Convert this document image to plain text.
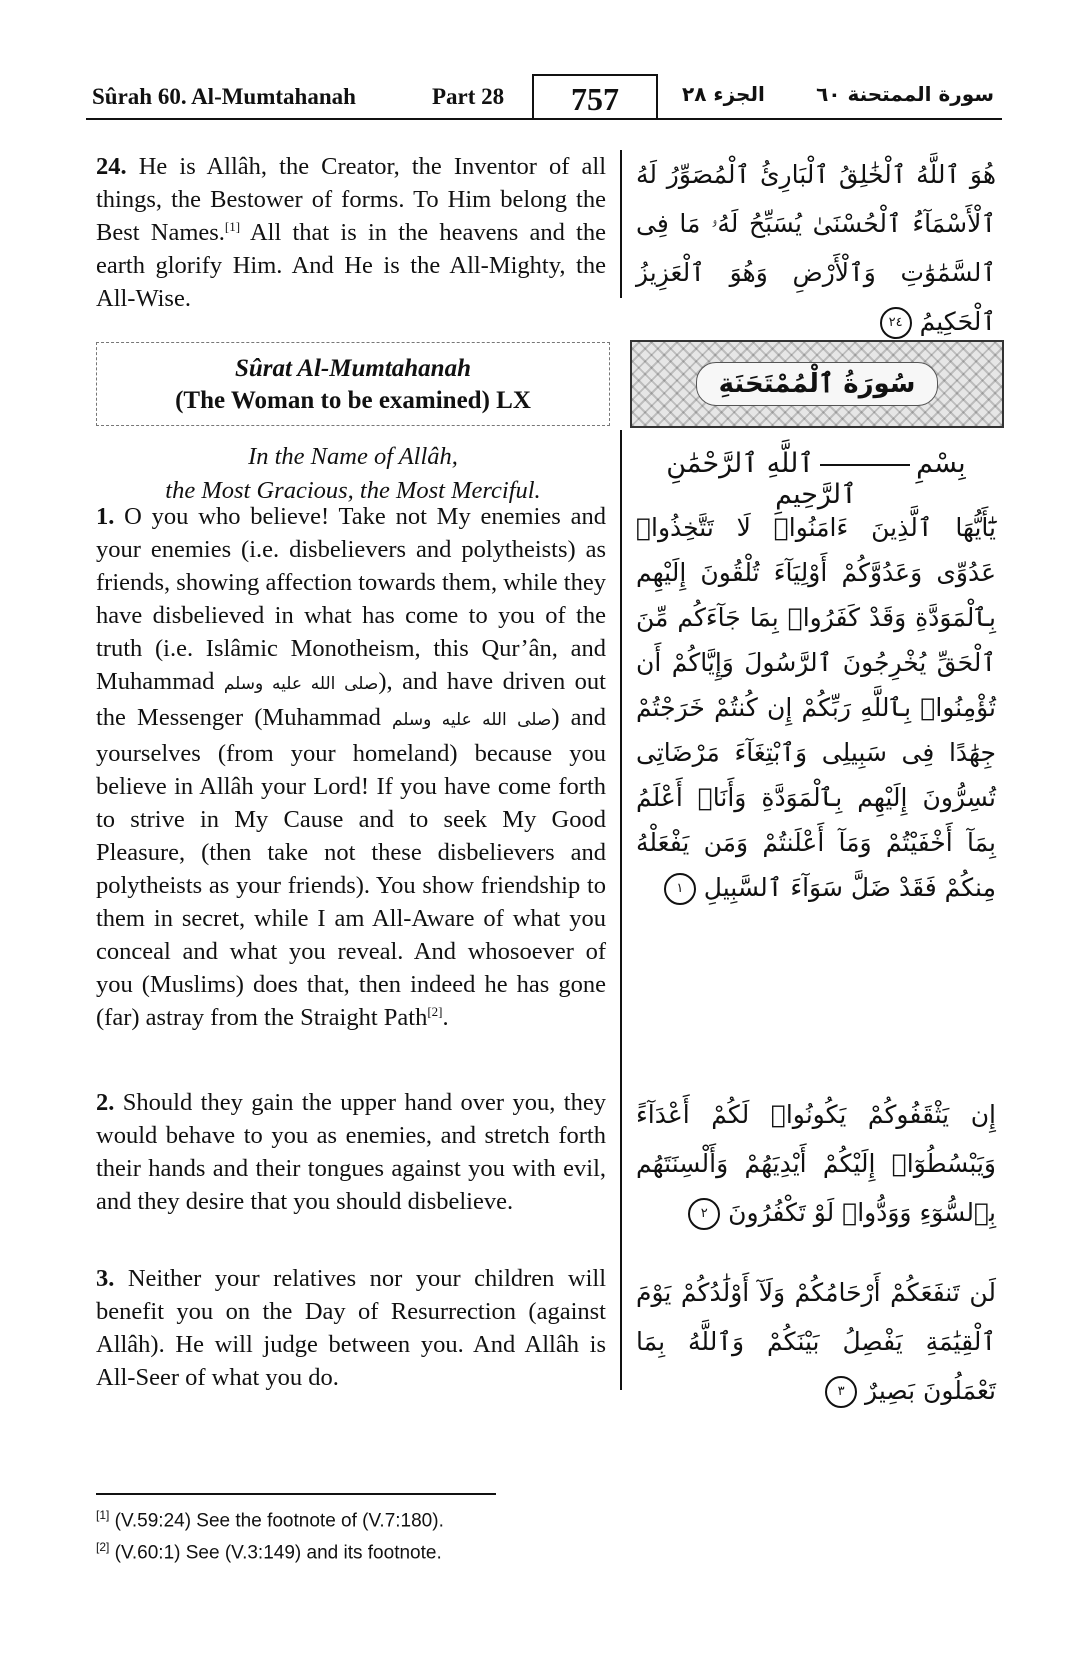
Sûrah 60. Al-Mumtahanah	Part 28	757	الجزء ٢٨	سورة الممتحنة ٦٠
24. He is Allâh, the Creator, the Inventor of all things, the Bestower of forms. To Him belong the Best Names.[1] All that is in the heavens and the earth glorify Him. And He is the All-Mighty, the All-Wise.
هُوَ ٱللَّهُ ٱلْخَٰلِقُ ٱلْبَارِئُ ٱلْمُصَوِّرُ لَهُ ٱلْأَسْمَآءُ ٱلْحُسْنَىٰ يُسَبِّحُ لَهُۥ مَا فِى ٱلسَّمَٰوَٰتِ وَٱلْأَرْضِ وَهُوَ ٱلْعَزِيزُ ٱلْحَكِيمُ ٢٤
Sûrat Al-Mumtahanah
(The Woman to be examined) LX
سُورَةُ ٱلْمُمْتَحَنَةِ
In the Name of Allâh,
the Most Gracious, the Most Merciful.
بِسْمِٱللَّهِ ٱلرَّحْمَٰنِ ٱلرَّحِيمِ
1. O you who believe! Take not My enemies and your enemies (i.e. disbelievers and polytheists) as friends, showing affection towards them, while they have disbelieved in what has come to you of the truth (i.e. Islâmic Monotheism, this Qur’ân, and Muhammad صلى الله عليه وسلم), and have driven out the Messenger (Muhammad صلى الله عليه وسلم) and yourselves (from your homeland) because you believe in Allâh your Lord! If you have come forth to strive in My Cause and to seek My Good Pleasure, (then take not these disbelievers and polytheists as your friends). You show friendship to them in secret, while I am All-Aware of what you conceal and what you reveal. And whosoever of you (Muslims) does that, then indeed he has gone (far) astray from the Straight Path[2].
يَٰٓأَيُّهَا ٱلَّذِينَ ءَامَنُوا۟ لَا تَتَّخِذُوا۟ عَدُوِّى وَعَدُوَّكُمْ أَوْلِيَآءَ تُلْقُونَ إِلَيْهِم بِٱلْمَوَدَّةِ وَقَدْ كَفَرُوا۟ بِمَا جَآءَكُم مِّنَ ٱلْحَقِّ يُخْرِجُونَ ٱلرَّسُولَ وَإِيَّاكُمْ أَن تُؤْمِنُوا۟ بِٱللَّهِ رَبِّكُمْ إِن كُنتُمْ خَرَجْتُمْ جِهَٰدًا فِى سَبِيلِى وَٱبْتِغَآءَ مَرْضَاتِى تُسِرُّونَ إِلَيْهِم بِٱلْمَوَدَّةِ وَأَنَا۠ أَعْلَمُ بِمَآ أَخْفَيْتُمْ وَمَآ أَعْلَنتُمْ وَمَن يَفْعَلْهُ مِنكُمْ فَقَدْ ضَلَّ سَوَآءَ ٱلسَّبِيلِ ١
2. Should they gain the upper hand over you, they would behave to you as enemies, and stretch forth their hands and their tongues against you with evil, and they desire that you should disbelieve.
إِن يَثْقَفُوكُمْ يَكُونُوا۟ لَكُمْ أَعْدَآءً وَيَبْسُطُوٓا۟ إِلَيْكُمْ أَيْدِيَهُمْ وَأَلْسِنَتَهُم بِٱلسُّوٓءِ وَوَدُّوا۟ لَوْ تَكْفُرُونَ ٢
3. Neither your relatives nor your children will benefit you on the Day of Resurrection (against Allâh). He will judge between you. And Allâh is All-Seer of what you do.
لَن تَنفَعَكُمْ أَرْحَامُكُمْ وَلَآ أَوْلَٰدُكُمْ يَوْمَ ٱلْقِيَٰمَةِ يَفْصِلُ بَيْنَكُمْ وَٱللَّهُ بِمَا تَعْمَلُونَ بَصِيرٌ ٣
[1] (V.59:24) See the footnote of (V.7:180).
[2] (V.60:1) See (V.3:149) and its footnote.
